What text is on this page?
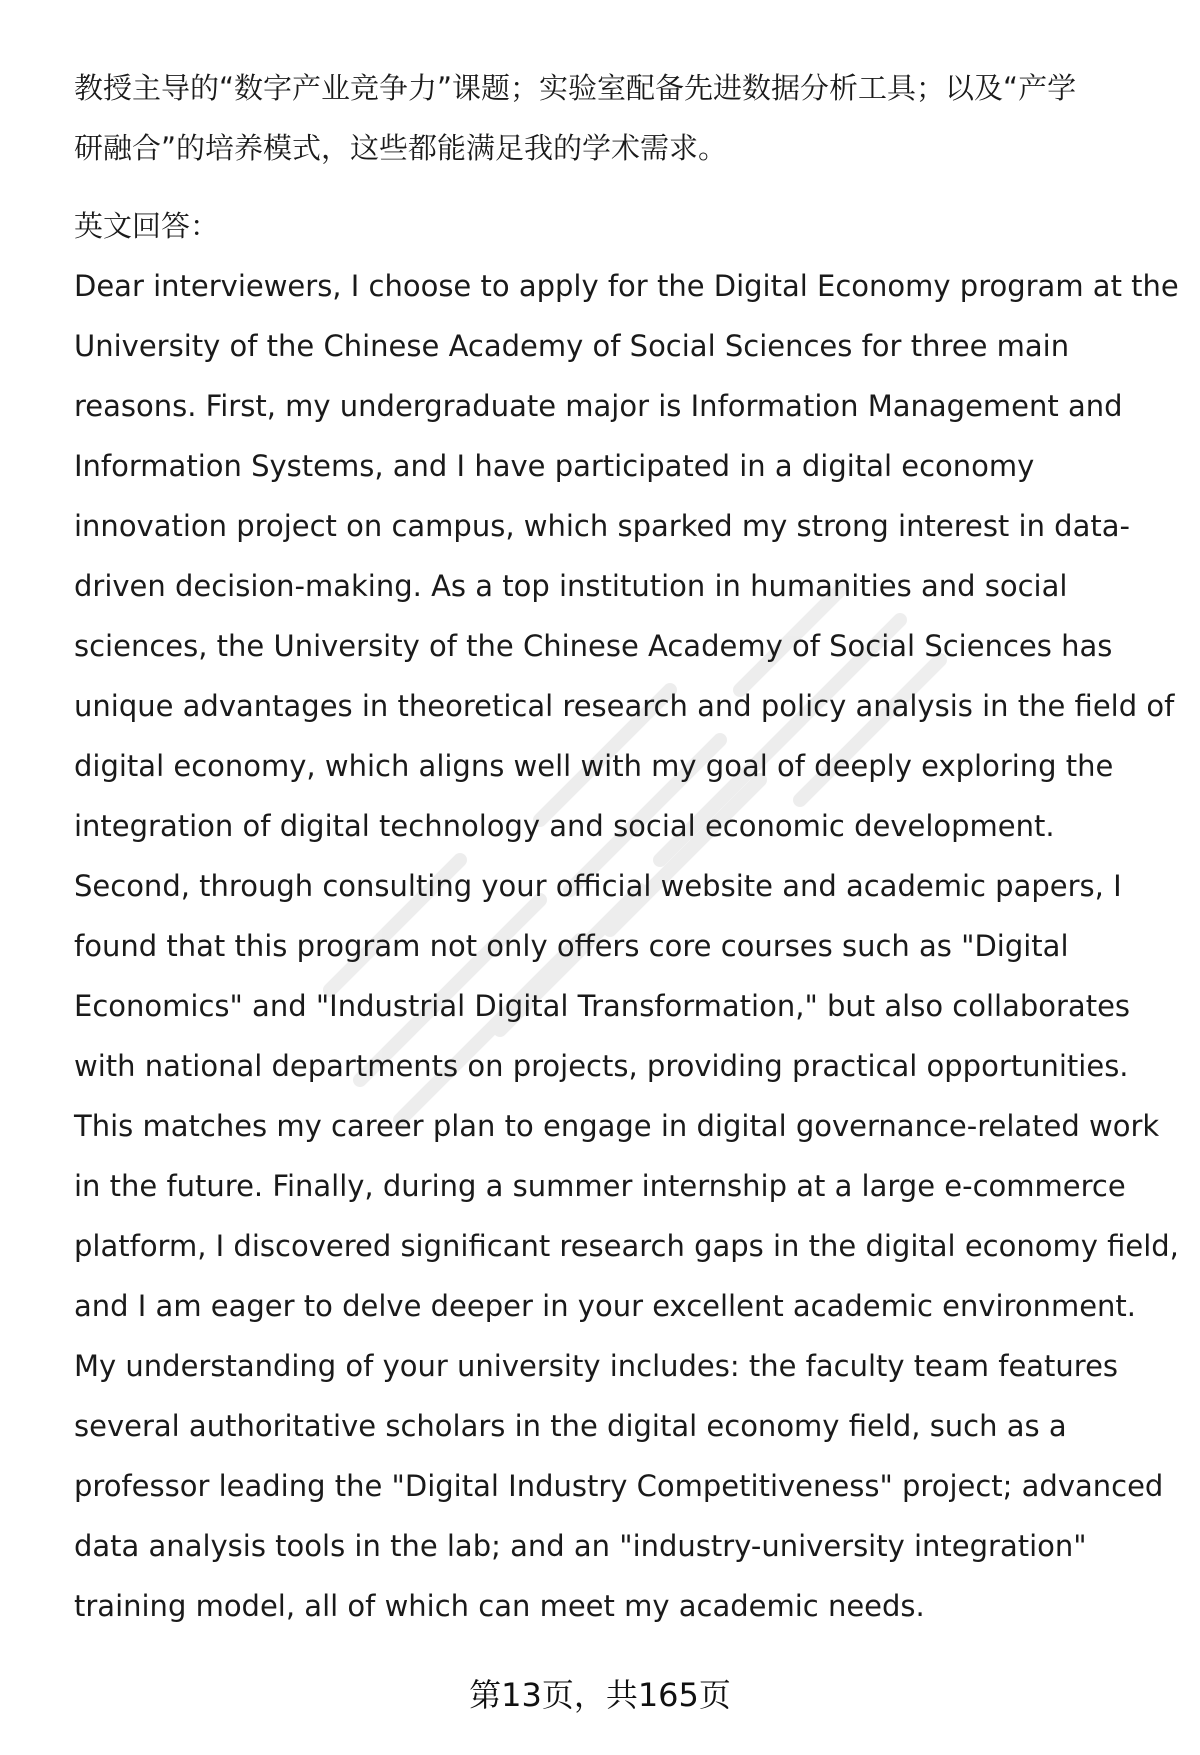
教授主导的“数字产业竞争力”课题；实验室配备先进数据分析工具；以及“产学
研融合”的培养模式，这些都能满足我的学术需求。
英文回答：
Dear interviewers, I choose to apply for the Digital Economy program at the
University of the Chinese Academy of Social Sciences for three main
reasons. First, my undergraduate major is Information Management and
Information Systems, and I have participated in a digital economy
innovation project on campus, which sparked my strong interest in data-
driven decision-making. As a top institution in humanities and social
sciences, the University of the Chinese Academy of Social Sciences has
unique advantages in theoretical research and policy analysis in the field of
digital economy, which aligns well with my goal of deeply exploring the
integration of digital technology and social economic development.
Second, through consulting your official website and academic papers, I
found that this program not only offers core courses such as "Digital
Economics" and "Industrial Digital Transformation," but also collaborates
with national departments on projects, providing practical opportunities.
This matches my career plan to engage in digital governance-related work
in the future. Finally, during a summer internship at a large e-commerce
platform, I discovered significant research gaps in the digital economy field,
and I am eager to delve deeper in your excellent academic environment.
My understanding of your university includes: the faculty team features
several authoritative scholars in the digital economy field, such as a
professor leading the "Digital Industry Competitiveness" project; advanced
data analysis tools in the lab; and an "industry-university integration"
training model, all of which can meet my academic needs.
第13页，共165页
